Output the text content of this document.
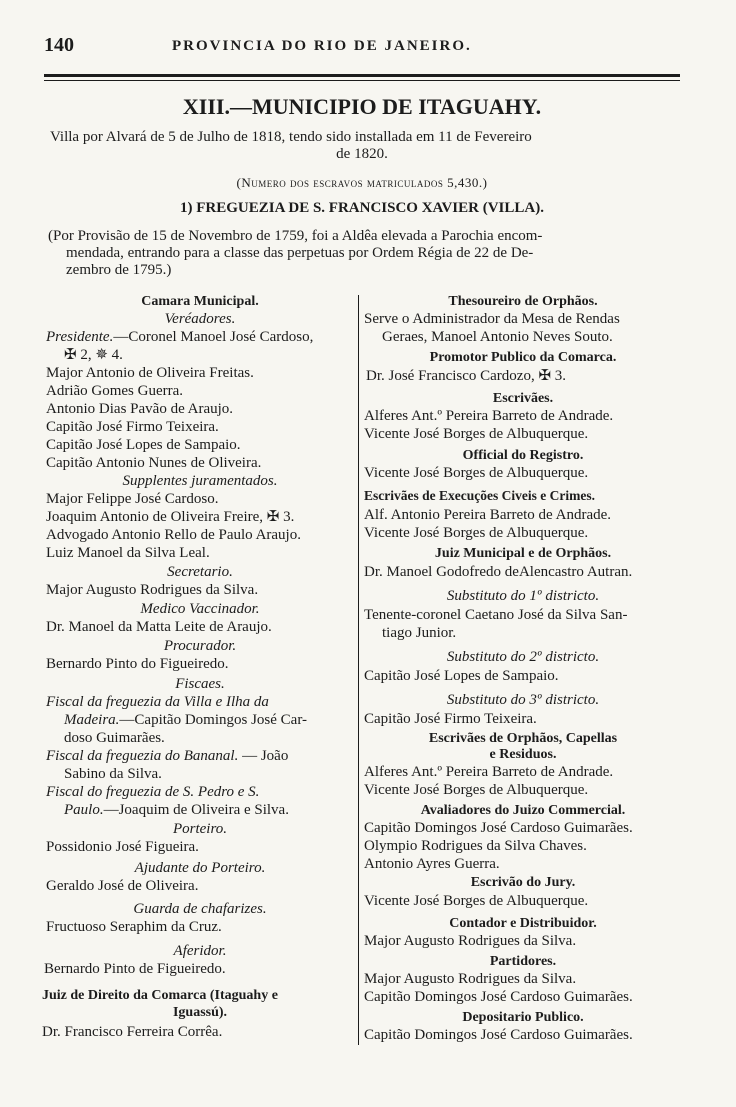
140	PROVINCIA DO RIO DE JANEIRO.
XIII.—MUNICIPIO DE ITAGUAHY.
Villa por Alvará de 5 de Julho de 1818, tendo sido installada em 11 de Fevereiro
de 1820.
(Numero dos escravos matriculados 5,430.)
1) FREGUEZIA DE S. FRANCISCO XAVIER (VILLA).
(Por Provisão de 15 de Novembro de 1759, foi a Aldêa elevada a Parochia encom-
mendada, entrando para a classe das perpetuas por Ordem Régia de 22 de De-
zembro de 1795.)
Camara Municipal.
Veréadores.
Presidente.—Coronel Manoel José Cardoso,
✠ 2, ✵ 4.
Major Antonio de Oliveira Freitas.
Adrião Gomes Guerra.
Antonio Dias Pavão de Araujo.
Capitão José Firmo Teixeira.
Capitão José Lopes de Sampaio.
Capitão Antonio Nunes de Oliveira.
Supplentes juramentados.
Major Felippe José Cardoso.
Joaquim Antonio de Oliveira Freire, ✠ 3.
Advogado Antonio Rello de Paulo Araujo.
Luiz Manoel da Silva Leal.
Secretario.
Major Augusto Rodrigues da Silva.
Medico Vaccinador.
Dr. Manoel da Matta Leite de Araujo.
Procurador.
Bernardo Pinto do Figueiredo.
Fiscaes.
Fiscal da freguezia da Villa e Ilha da
Madeira.—Capitão Domingos José Car-
doso Guimarães.
Fiscal da freguezia do Bananal. — João
Sabino da Silva.
Fiscal do freguezia de S. Pedro e S.
Paulo.—Joaquim de Oliveira e Silva.
Porteiro.
Possidonio José Figueira.
Ajudante do Porteiro.
Geraldo José de Oliveira.
Guarda de chafarizes.
Fructuoso Seraphim da Cruz.
Aferidor.
Bernardo Pinto de Figueiredo.
Juiz de Direito da Comarca (Itaguahy e
Iguassú).
Dr. Francisco Ferreira Corrêa.
Thesoureiro de Orphãos.
Serve o Administrador da Mesa de Rendas
Geraes, Manoel Antonio Neves Souto.
Promotor Publico da Comarca.
Dr. José Francisco Cardozo, ✠ 3.
Escrivães.
Alferes Ant.º Pereira Barreto de Andrade.
Vicente José Borges de Albuquerque.
Official do Registro.
Vicente José Borges de Albuquerque.
Escrivães de Execuções Civeis e Crimes.
Alf. Antonio Pereira Barreto de Andrade.
Vicente José Borges de Albuquerque.
Juiz Municipal e de Orphãos.
Dr. Manoel Godofredo deAlencastro Autran.
Substituto do 1º districto.
Tenente-coronel Caetano José da Silva San-
tiago Junior.
Substituto do 2º districto.
Capitão José Lopes de Sampaio.
Substituto do 3º districto.
Capitão José Firmo Teixeira.
Escrivães de Orphãos, Capellas
e Residuos.
Alferes Ant.º Pereira Barreto de Andrade.
Vicente José Borges de Albuquerque.
Avaliadores do Juizo Commercial.
Capitão Domingos José Cardoso Guimarães.
Olympio Rodrigues da Silva Chaves.
Antonio Ayres Guerra.
Escrivão do Jury.
Vicente José Borges de Albuquerque.
Contador e Distribuidor.
Major Augusto Rodrigues da Silva.
Partidores.
Major Augusto Rodrigues da Silva.
Capitão Domingos José Cardoso Guimarães.
Depositario Publico.
Capitão Domingos José Cardoso Guimarães.
